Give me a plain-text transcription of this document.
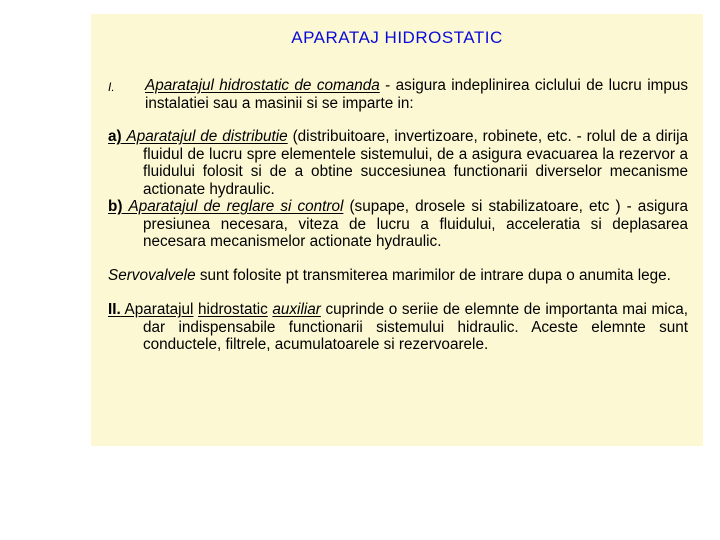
APARATAJ HIDROSTATIC
I. Aparatajul hidrostatic de comanda - asigura indeplinirea ciclului de lucru impus instalatiei sau a masinii si se imparte in:

a) Aparatajul de distributie (distribuitoare, invertizoare, robinete, etc. - rolul de a dirija fluidul de lucru spre elementele sistemului, de a asigura evacuarea la rezervor a fluidului folosit si de a obtine succesiunea functionarii diverselor mecanisme actionate hydraulic.

b) Aparatajul de reglare si control (supape, drosele si stabilizatoare, etc ) - asigura presiunea necesara, viteza de lucru a fluidului, acceleratia si deplasarea necesara mecanismelor actionate hydraulic.

Servovalvele sunt folosite pt transmiterea marimilor de intrare dupa o anumita lege.

II. Aparatajul hidrostatic auxiliar cuprinde o seriie de elemnte de importanta mai mica, dar indispensabile functionarii sistemului hidraulic. Aceste elemnte sunt conductele, filtrele, acumulatoarele si rezervoarele.
